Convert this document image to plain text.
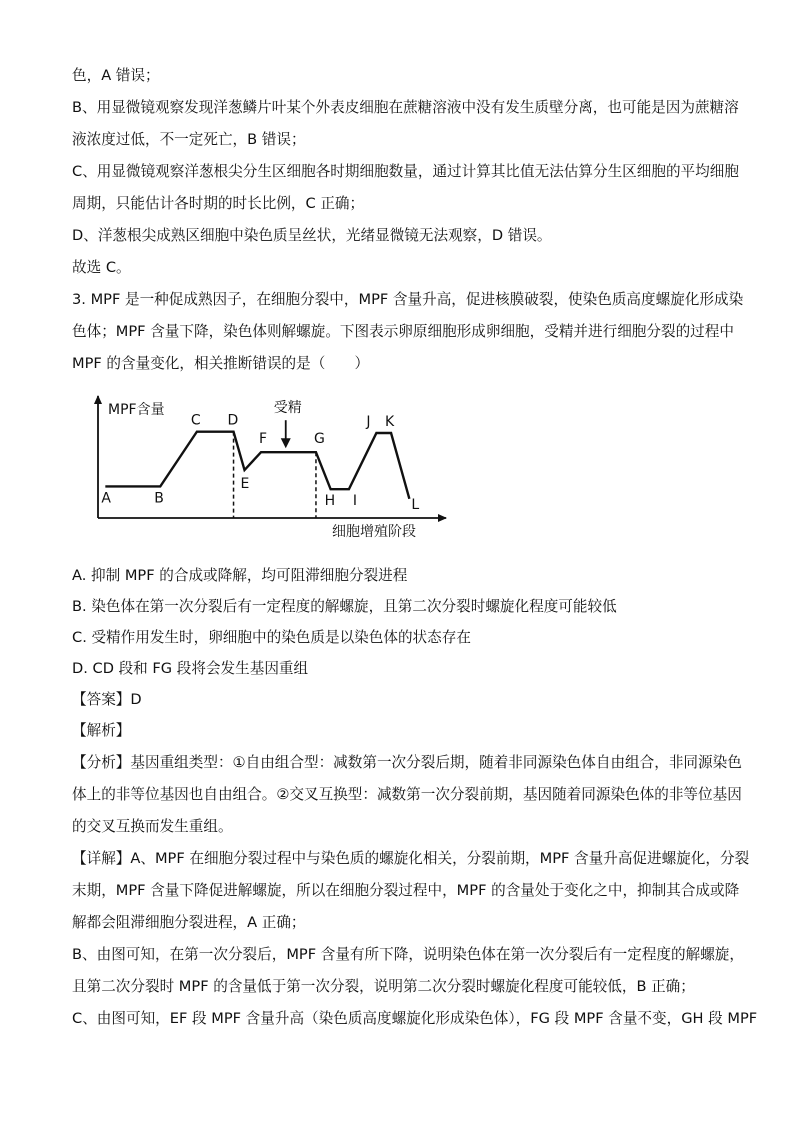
色，A 错误；
B、用显微镜观察发现洋葱鳞片叶某个外表皮细胞在蔗糖溶液中没有发生质壁分离，也可能是因为蔗糖溶
液浓度过低，不一定死亡，B 错误；
C、用显微镜观察洋葱根尖分生区细胞各时期细胞数量，通过计算其比值无法估算分生区细胞的平均细胞
周期，只能估计各时期的时长比例，C 正确；
D、洋葱根尖成熟区细胞中染色质呈丝状，光绪显微镜无法观察，D 错误。
故选 C。
3. MPF 是一种促成熟因子，在细胞分裂中，MPF 含量升高，促进核膜破裂，使染色质高度螺旋化形成染
色体；MPF 含量下降，染色体则解螺旋。下图表示卵原细胞形成卵细胞，受精并进行细胞分裂的过程中
MPF 的含量变化，相关推断错误的是（　　）
MPF含量
细胞增殖阶段
A	B
C D
E
F	G
H I
J K
L
受精
A. 抑制 MPF 的合成或降解，均可阻滞细胞分裂进程
B. 染色体在第一次分裂后有一定程度的解螺旋，且第二次分裂时螺旋化程度可能较低
C. 受精作用发生时，卵细胞中的染色质是以染色体的状态存在
D. CD 段和 FG 段将会发生基因重组
【答案】D
【解析】
【分析】基因重组类型：①自由组合型：减数第一次分裂后期，随着非同源染色体自由组合，非同源染色
体上的非等位基因也自由组合。②交叉互换型：减数第一次分裂前期，基因随着同源染色体的非等位基因
的交叉互换而发生重组。
【详解】A、MPF 在细胞分裂过程中与染色质的螺旋化相关，分裂前期，MPF 含量升高促进螺旋化，分裂
末期，MPF 含量下降促进解螺旋，所以在细胞分裂过程中，MPF 的含量处于变化之中，抑制其合成或降
解都会阻滞细胞分裂进程，A 正确；
B、由图可知，在第一次分裂后，MPF 含量有所下降，说明染色体在第一次分裂后有一定程度的解螺旋，
且第二次分裂时 MPF 的含量低于第一次分裂，说明第二次分裂时螺旋化程度可能较低，B 正确；
C、由图可知，EF 段 MPF 含量升高（染色质高度螺旋化形成染色体），FG 段 MPF 含量不变，GH 段 MPF
